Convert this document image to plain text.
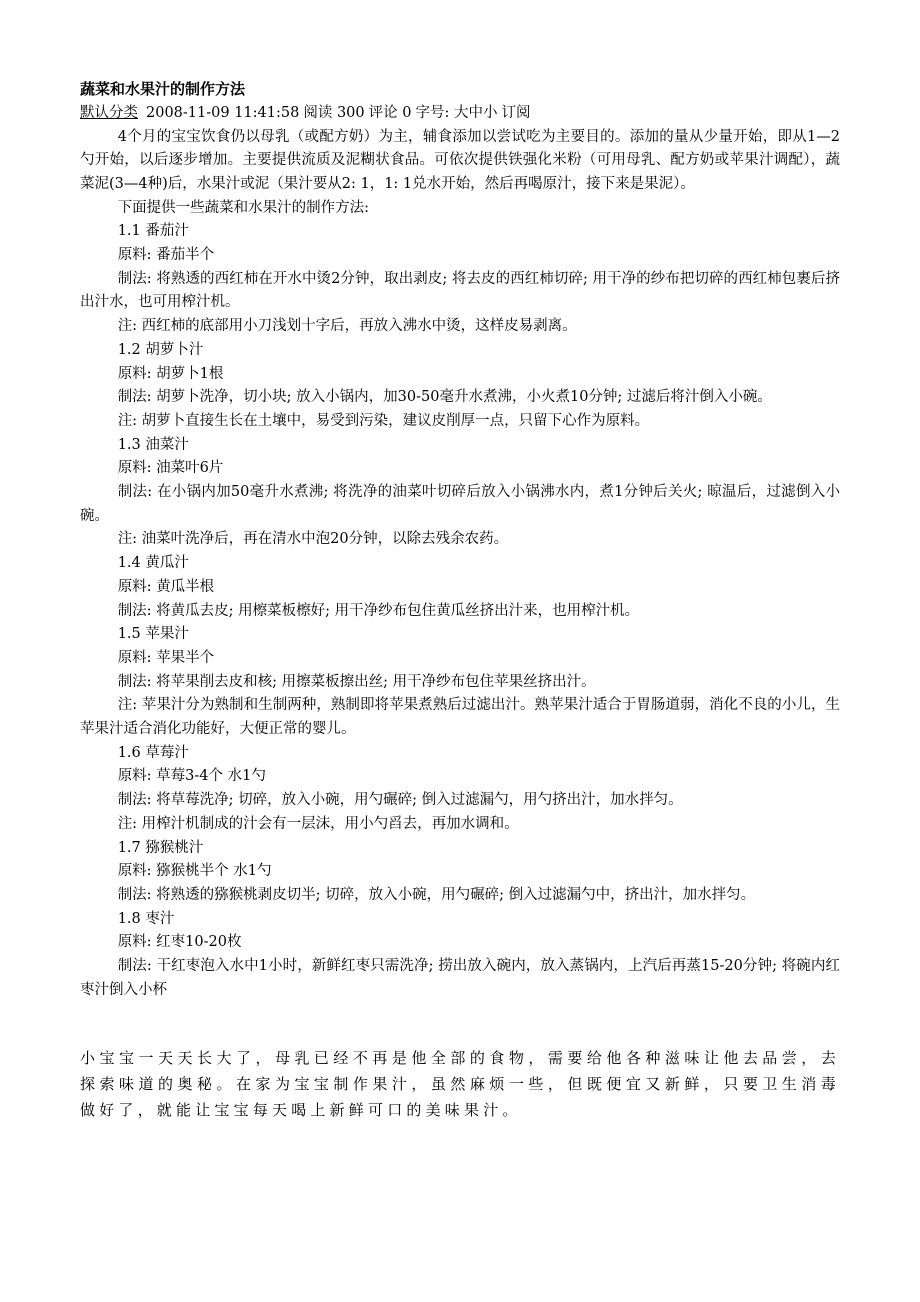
蔬菜和水果汁的制作方法
默认分类 2008-11-09 11:41:58 阅读 300 评论 0 字号: 大中小 订阅

4个月的宝宝饮食仍以母乳（或配方奶）为主，辅食添加以尝试吃为主要目的。添加的量从少量开始，即从1—2勺开始，以后逐步增加。主要提供流质及泥糊状食品。可依次提供铁强化米粉（可用母乳、配方奶或苹果汁调配），蔬菜泥(3—4种)后，水果汁或泥（果汁要从2: 1，1: 1兑水开始，然后再喝原汁，接下来是果泥）。

下面提供一些蔬菜和水果汁的制作方法:

1.1 番茄汁

原料: 番茄半个

制法: 将熟透的西红柿在开水中烫2分钟，取出剥皮; 将去皮的西红柿切碎; 用干净的纱布把切碎的西红柿包裹后挤出汁水，也可用榨汁机。

注: 西红柿的底部用小刀浅划十字后，再放入沸水中烫，这样皮易剥离。

1.2 胡萝卜汁

原料: 胡萝卜1根

制法: 胡萝卜洗净，切小块; 放入小锅内，加30-50毫升水煮沸，小火煮10分钟; 过滤后将汁倒入小碗。

注: 胡萝卜直接生长在土壤中，易受到污染，建议皮削厚一点，只留下心作为原料。

1.3 油菜汁

原料: 油菜叶6片

制法: 在小锅内加50毫升水煮沸; 将洗净的油菜叶切碎后放入小锅沸水内，煮1分钟后关火; 晾温后，过滤倒入小碗。

注: 油菜叶洗净后，再在清水中泡20分钟，以除去残余农药。

1.4 黄瓜汁

原料: 黄瓜半根

制法: 将黄瓜去皮; 用檫菜板檫好; 用干净纱布包住黄瓜丝挤出汁来，也用榨汁机。

1.5 苹果汁

原料: 苹果半个

制法: 将苹果削去皮和核; 用擦菜板擦出丝; 用干净纱布包住苹果丝挤出汁。

注: 苹果汁分为熟制和生制两种，熟制即将苹果煮熟后过滤出汁。熟苹果汁适合于胃肠道弱，消化不良的小儿，生苹果汁适合消化功能好，大便正常的婴儿。

1.6 草莓汁

原料: 草莓3-4个 水1勺

制法: 将草莓洗净; 切碎，放入小碗，用勺碾碎; 倒入过滤漏勺，用勺挤出汁，加水拌匀。

注: 用榨汁机制成的汁会有一层沫，用小勺舀去，再加水调和。

1.7 猕猴桃汁

原料: 猕猴桃半个 水1勺

制法: 将熟透的猕猴桃剥皮切半; 切碎，放入小碗，用勺碾碎; 倒入过滤漏勺中，挤出汁，加水拌匀。

1.8 枣汁

原料: 红枣10-20枚

制法: 干红枣泡入水中1小时，新鲜红枣只需洗净; 捞出放入碗内，放入蒸锅内，上汽后再蒸15-20分钟; 将碗内红枣汁倒入小杯

小宝宝一天天长大了，母乳已经不再是他全部的食物，需要给他各种滋味让他去品尝，去探索味道的奥秘。在家为宝宝制作果汁，虽然麻烦一些，但既便宜又新鲜，只要卫生消毒做好了，就能让宝宝每天喝上新鲜可口的美味果汁。
